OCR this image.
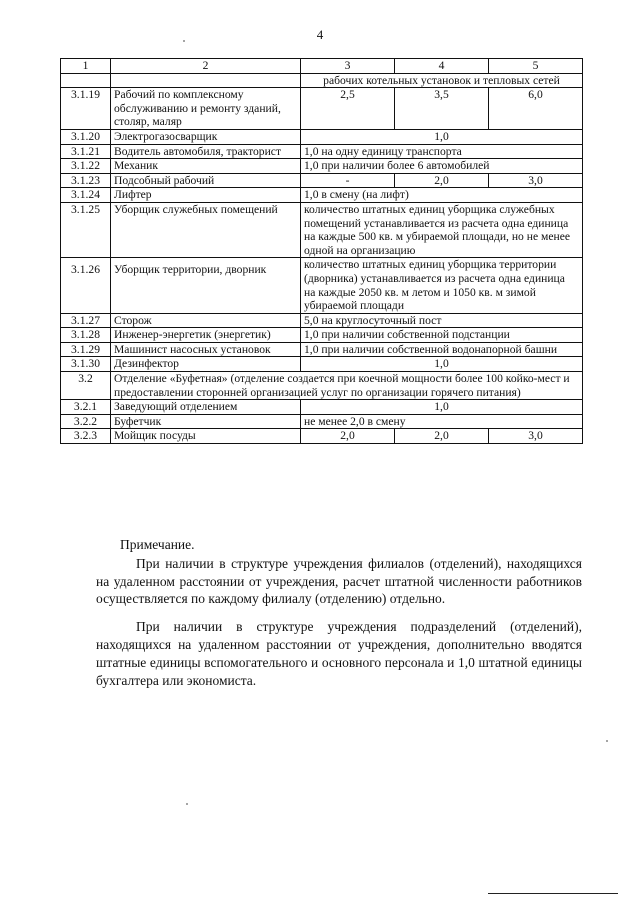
4
1	2	3	4	5
		рабочих котельных установок и тепловых сетей		
3.1.19	Рабочий по комплексному обслуживанию и ремонту зданий, столяр, маляр	2,5	3,5	6,0
3.1.20	Электрогазосварщик	1,0		
3.1.21	Водитель автомобиля, тракторист	1,0 на одну единицу транспорта		
3.1.22	Механик	1,0 при наличии более 6 автомобилей		
3.1.23	Подсобный рабочий	-	2,0	3,0
3.1.24	Лифтер	1,0 в смену (на лифт)		
3.1.25	Уборщик служебных помещений	количество штатных единиц уборщика служебных помещений устанавливается из расчета одна единица на каждые 500 кв. м убираемой площади, но не менее одной на организацию		
3.1.26	Уборщик территории, дворник	количество штатных единиц уборщика территории (дворника) устанавливается из расчета одна единица на каждые 2050 кв. м летом и 1050 кв. м зимой убираемой площади		
3.1.27	Сторож	5,0 на круглосуточный пост		
3.1.28	Инженер-энергетик (энергетик)	1,0 при наличии собственной подстанции		
3.1.29	Машинист насосных установок	1,0 при наличии собственной водонапорной башни		
3.1.30	Дезинфектор	1,0		
3.2	Отделение «Буфетная» (отделение создается при коечной мощности более 100 койко-мест и предоставлении сторонней организацией услуг по организации горячего питания)			
3.2.1	Заведующий отделением	1,0		
3.2.2	Буфетчик	не менее 2,0 в смену		
3.2.3	Мойщик посуды	2,0	2,0	3,0

Примечание.

При наличии в структуре учреждения филиалов (отделений), находящихся на удаленном расстоянии от учреждения, расчет штатной численности работников осуществляется по каждому филиалу (отделению) отдельно.

При наличии в структуре учреждения подразделений (отделений), находящихся на удаленном расстоянии от учреждения, дополнительно вводятся штатные единицы вспомогательного и основного персонала и 1,0 штатной единицы бухгалтера или экономиста.
